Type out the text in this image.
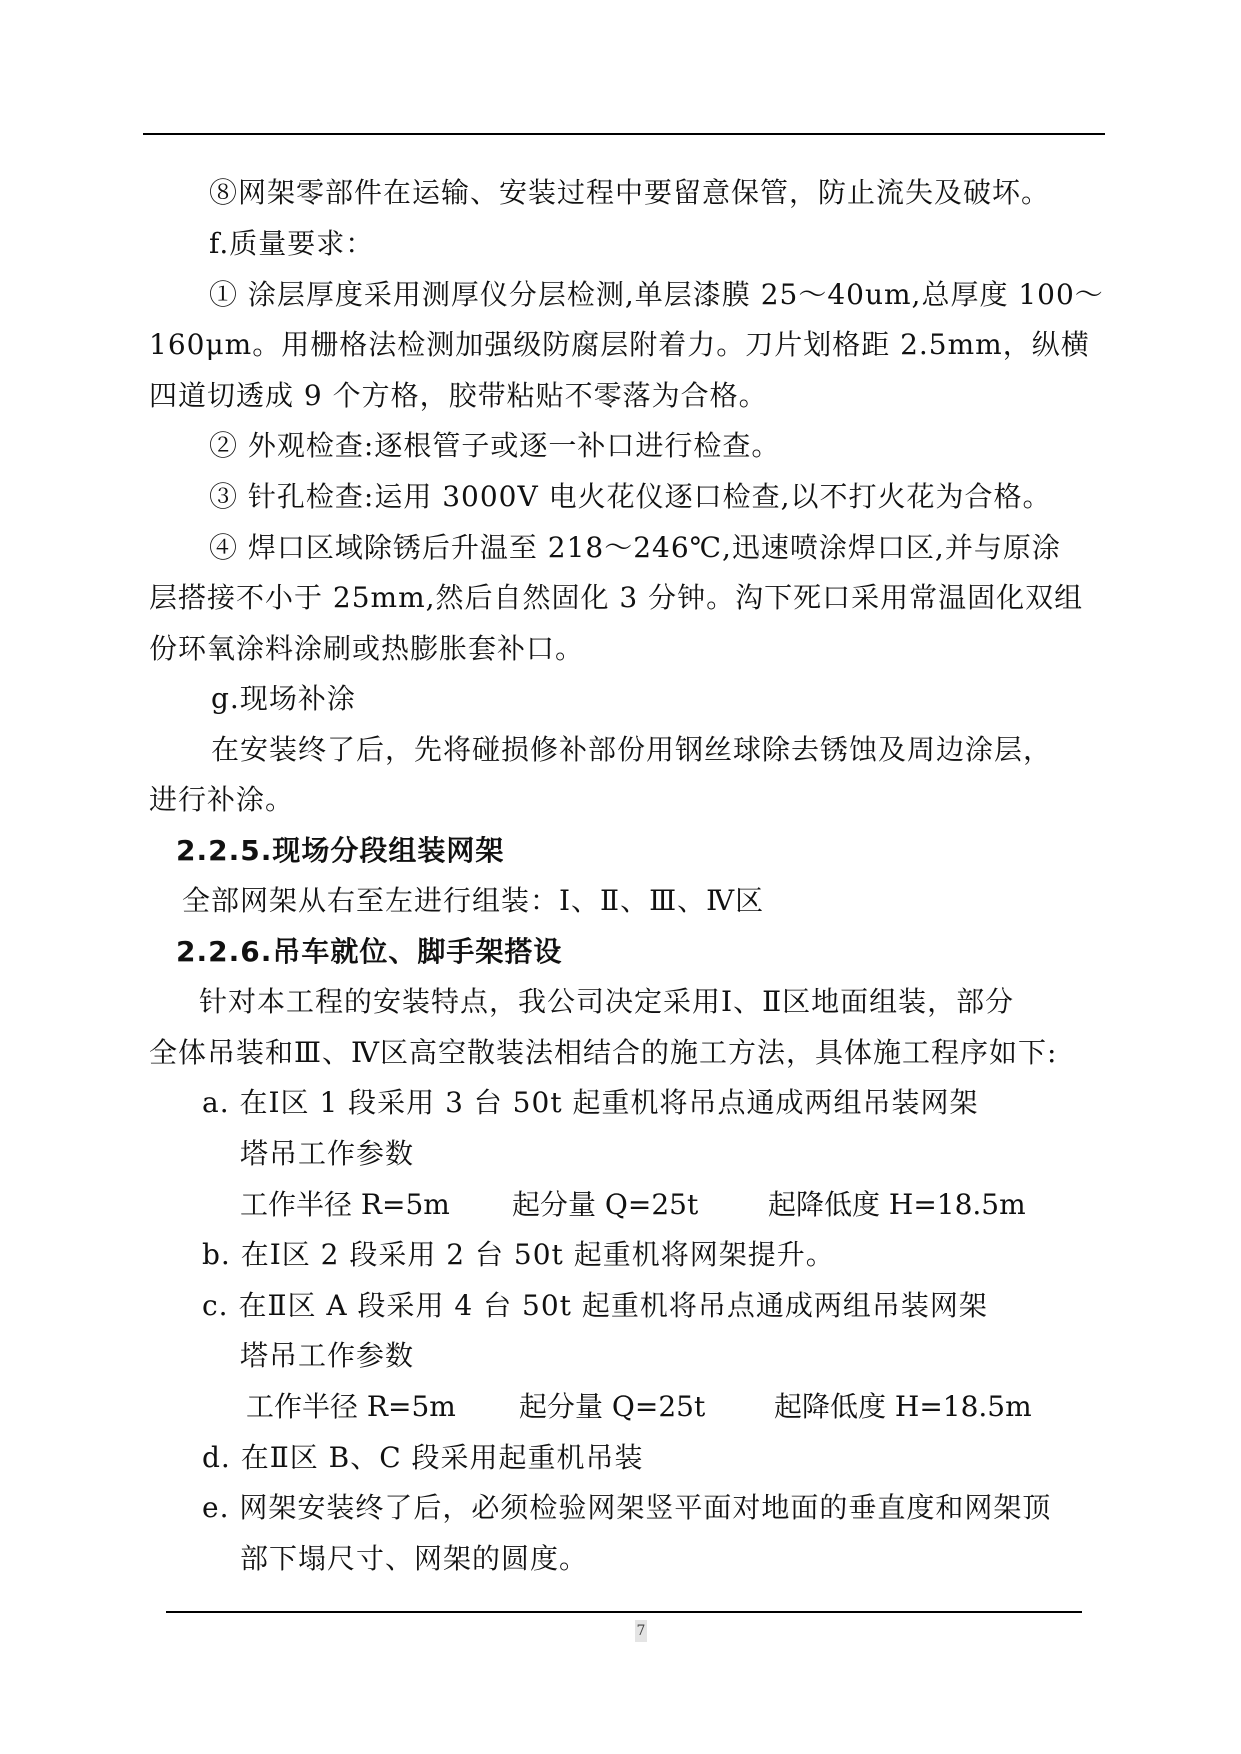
⑧网架零部件在运输、安装过程中要留意保管，防止流失及破坏。
f.质量要求：
① 涂层厚度采用测厚仪分层检测,单层漆膜 25～40um,总厚度 100～
160μm。用栅格法检测加强级防腐层附着力。刀片划格距 2.5mm，纵横
四道切透成 9 个方格，胶带粘贴不零落为合格。
② 外观检查:逐根管子或逐一补口进行检查。
③ 针孔检查:运用 3000V 电火花仪逐口检查,以不打火花为合格。
④ 焊口区域除锈后升温至 218～246℃,迅速喷涂焊口区,并与原涂
层搭接不小于 25mm,然后自然固化 3 分钟。沟下死口采用常温固化双组
份环氧涂料涂刷或热膨胀套补口。
g.现场补涂
在安装终了后，先将碰损修补部份用钢丝球除去锈蚀及周边涂层，
进行补涂。
2.2.5.现场分段组装网架
全部网架从右至左进行组装：Ⅰ、Ⅱ、Ⅲ、Ⅳ区
2.2.6.吊车就位、脚手架搭设
针对本工程的安装特点，我公司决定采用Ⅰ、Ⅱ区地面组装，部分
全体吊装和Ⅲ、Ⅳ区高空散装法相结合的施工方法，具体施工程序如下:
a. 在Ⅰ区 1 段采用 3 台 50t 起重机将吊点通成两组吊装网架
塔吊工作参数
工作半径 R=5m 起分量 Q=25t 起降低度 H=18.5m
b. 在Ⅰ区 2 段采用 2 台 50t 起重机将网架提升。
c. 在Ⅱ区 A 段采用 4 台 50t 起重机将吊点通成两组吊装网架
塔吊工作参数
工作半径 R=5m 起分量 Q=25t 起降低度 H=18.5m
d. 在Ⅱ区 B、C 段采用起重机吊装
e. 网架安装终了后，必须检验网架竖平面对地面的垂直度和网架顶
部下塌尺寸、网架的圆度。
7
